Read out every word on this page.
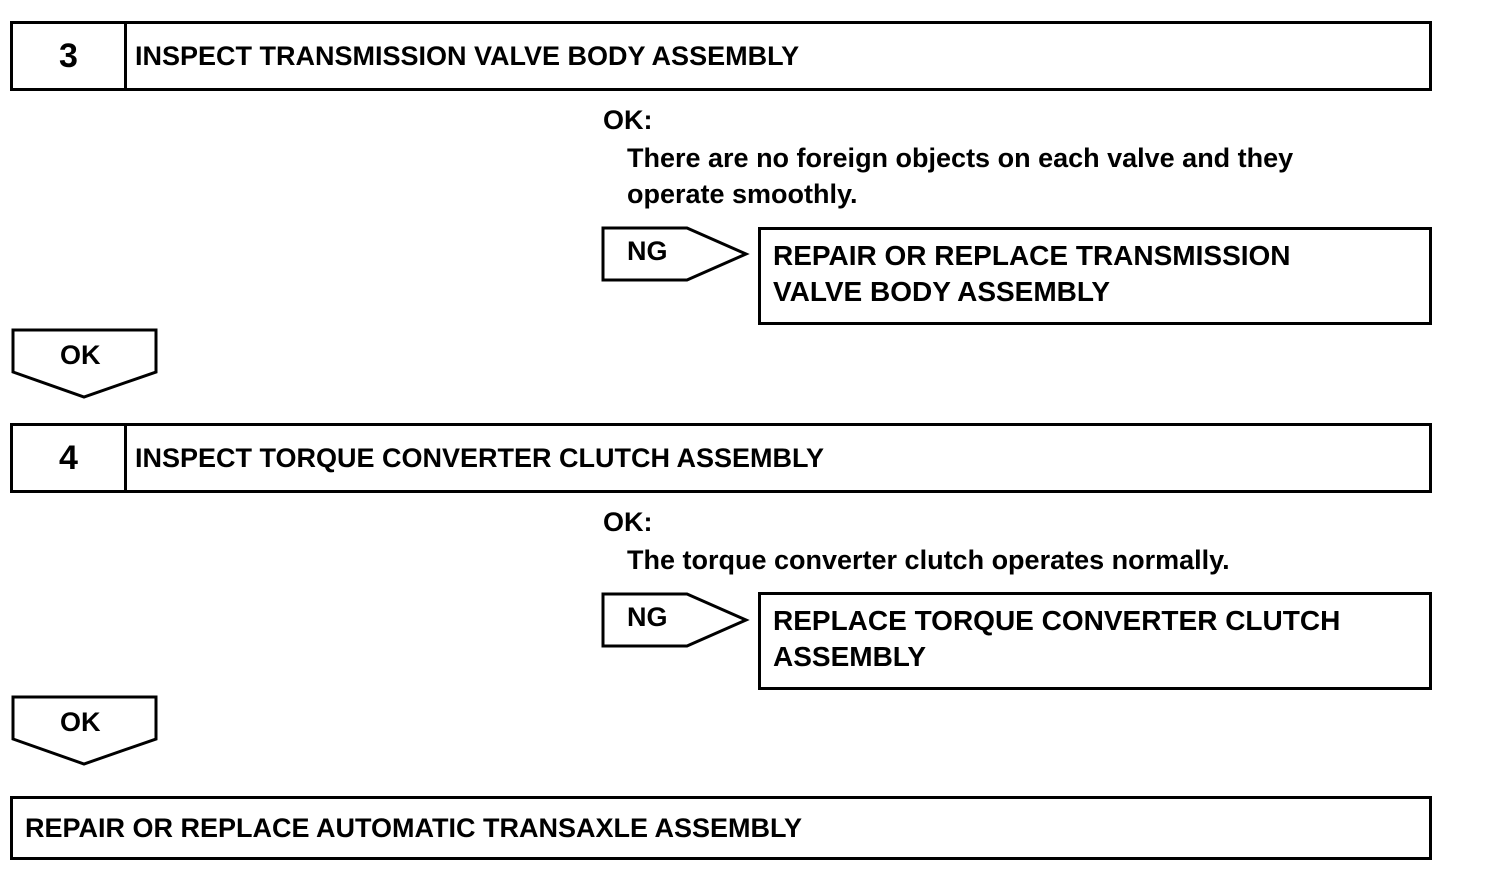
3	INSPECT TRANSMISSION VALVE BODY ASSEMBLY
OK:
There are no foreign objects on each valve and they
operate smoothly.
NG	REPAIR OR REPLACE TRANSMISSION
VALVE BODY ASSEMBLY
OK
4	INSPECT TORQUE CONVERTER CLUTCH ASSEMBLY
OK:
The torque converter clutch operates normally.
NG	REPLACE TORQUE CONVERTER CLUTCH
ASSEMBLY
OK
REPAIR OR REPLACE AUTOMATIC TRANSAXLE ASSEMBLY
